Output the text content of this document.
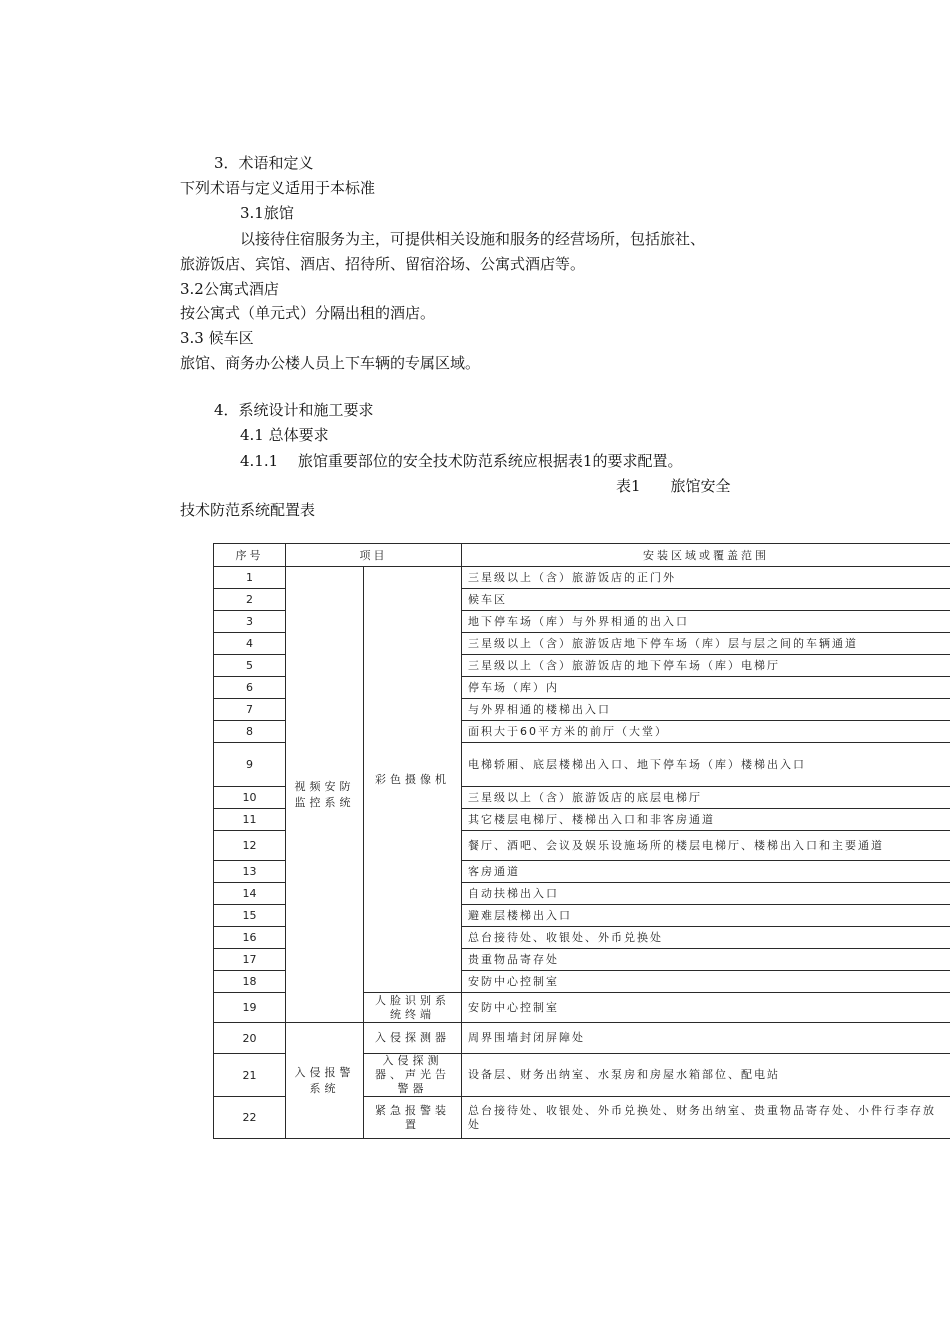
3．术语和定义
下列术语与定义适用于本标准
3.1旅馆
以接待住宿服务为主，可提供相关设施和服务的经营场所，包括旅社、
旅游饭店、宾馆、酒店、招待所、留宿浴场、公寓式酒店等。
3.2公寓式酒店
按公寓式（单元式）分隔出租的酒店。
3.3 候车区
旅馆、商务办公楼人员上下车辆的专属区域。
4．系统设计和施工要求
4.1 总体要求
4.1.1　 旅馆重要部位的安全技术防范系统应根据表1的要求配置。
表1　　旅馆安全
技术防范系统配置表
序号	项目		安装区域或覆盖范围
1	视频安防监控系统	彩色摄像机	三星级以上（含）旅游饭店的正门外
2			候车区
3			地下停车场（库）与外界相通的出入口
4			三星级以上（含）旅游饭店地下停车场（库）层与层之间的车辆通道
5			三星级以上（含）旅游饭店的地下停车场（库）电梯厅
6			停车场（库）内
7			与外界相通的楼梯出入口
8			面积大于60平方米的前厅（大堂）
9			电梯轿厢、底层楼梯出入口、地下停车场（库）楼梯出入口
10			三星级以上（含）旅游饭店的底层电梯厅
11			其它楼层电梯厅、楼梯出入口和非客房通道
12			餐厅、酒吧、会议及娱乐设施场所的楼层电梯厅、楼梯出入口和主要通道
13			客房通道
14			自动扶梯出入口
15			避难层楼梯出入口
16			总台接待处、收银处、外币兑换处
17			贵重物品寄存处
18			安防中心控制室
19		人脸识别系统终端	安防中心控制室
20	入侵报警系统	入侵探测器	周界围墙封闭屏障处
21		入侵探测器、声光告警器	设备层、财务出纳室、水泵房和房屋水箱部位、配电站
22		紧急报警装置	总台接待处、收银处、外币兑换处、财务出纳室、贵重物品寄存处、小件行李存放处
